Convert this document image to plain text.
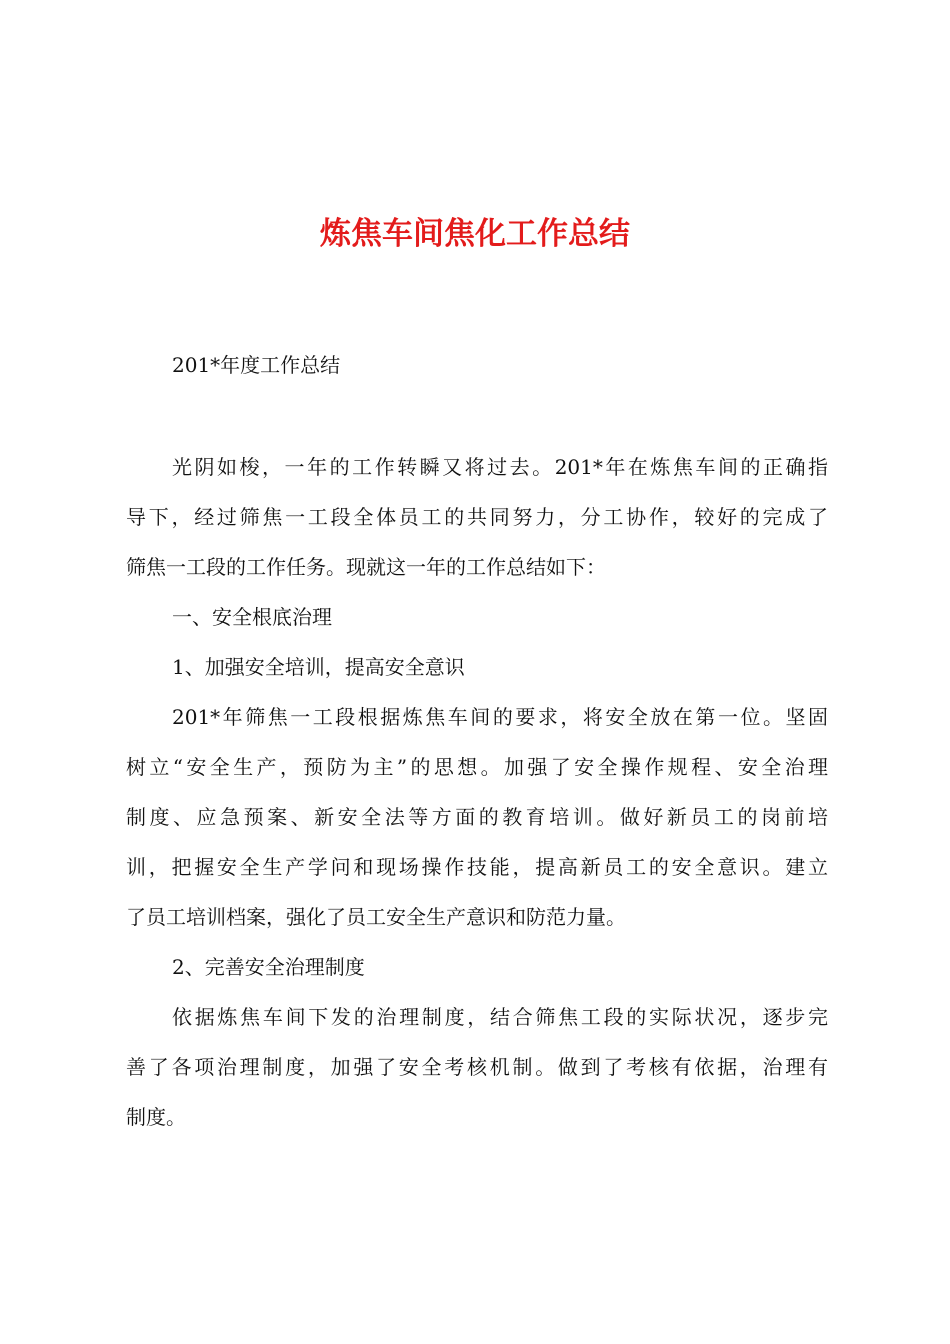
炼焦车间焦化工作总结

201*年度工作总结

光阴如梭，一年的工作转瞬又将过去。201*年在炼焦车间的正确指

导下，经过筛焦一工段全体员工的共同努力，分工协作，较好的完成了

筛焦一工段的工作任务。现就这一年的工作总结如下：

一、安全根底治理

1、加强安全培训，提高安全意识

201*年筛焦一工段根据炼焦车间的要求，将安全放在第一位。坚固

树立“安全生产，预防为主”的思想。加强了安全操作规程、安全治理

制度、应急预案、新安全法等方面的教育培训。做好新员工的岗前培

训，把握安全生产学问和现场操作技能，提高新员工的安全意识。建立

了员工培训档案，强化了员工安全生产意识和防范力量。

2、完善安全治理制度

依据炼焦车间下发的治理制度，结合筛焦工段的实际状况，逐步完

善了各项治理制度，加强了安全考核机制。做到了考核有依据，治理有

制度。
